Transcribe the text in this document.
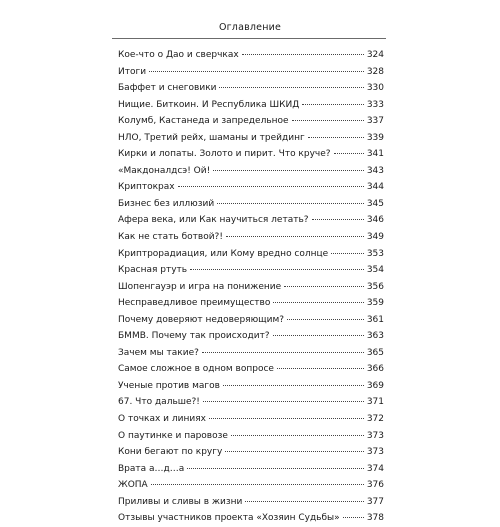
Оглавление
Кое-что о Дао и сверчках	324
Итоги	328
Баффет и снеговики	330
Нищие. Биткоин. И Республика ШКИД	333
Колумб, Кастанеда и запредельное	337
НЛО, Третий рейх, шаманы и трейдинг	339
Кирки и лопаты. Золото и пирит. Что круче?	341
«Макдоналдсэ! Ой!	343
Криптокрах	344
Бизнес без иллюзий	345
Афера века, или Как научиться летать?	346
Как не стать ботвой?!	349
Криптрорадиация, или Кому вредно солнце	353
Красная ртуть	354
Шопенгауэр и игра на понижение	356
Несправедливое преимущество	359
Почему доверяют недоверяющим?	361
БММВ. Почему так происходит?	363
Зачем мы такие?	365
Самое сложное в одном вопросе	366
Ученые против магов	369
67. Что дальше?!	371
О точках и линиях	372
О паутинке и паровозе	373
Кони бегают по кругу	373
Врата а…д…а	374
ЖОПА	376
Приливы и сливы в жизни	377
Отзывы участников проекта «Хозяин Судьбы»	378
